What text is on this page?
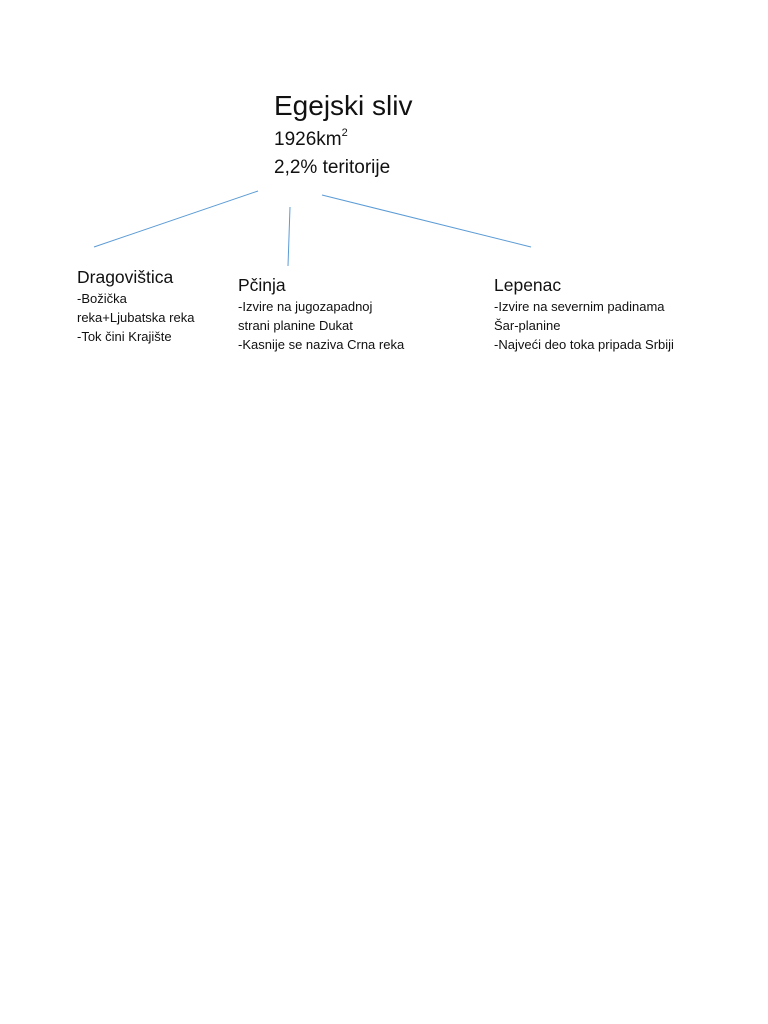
Egejski sliv
$1926km^2$
2,2% teritorije
Dragovištica
-Božička
reka+Ljubatska reka
-Tok čini Krajište
Pčinja
-Izvire na jugozapadnoj
strani planine Dukat
-Kasnije se naziva Crna reka
Lepenac
-Izvire na severnim padinama
Šar-planine
-Najveći deo toka pripada Srbiji
